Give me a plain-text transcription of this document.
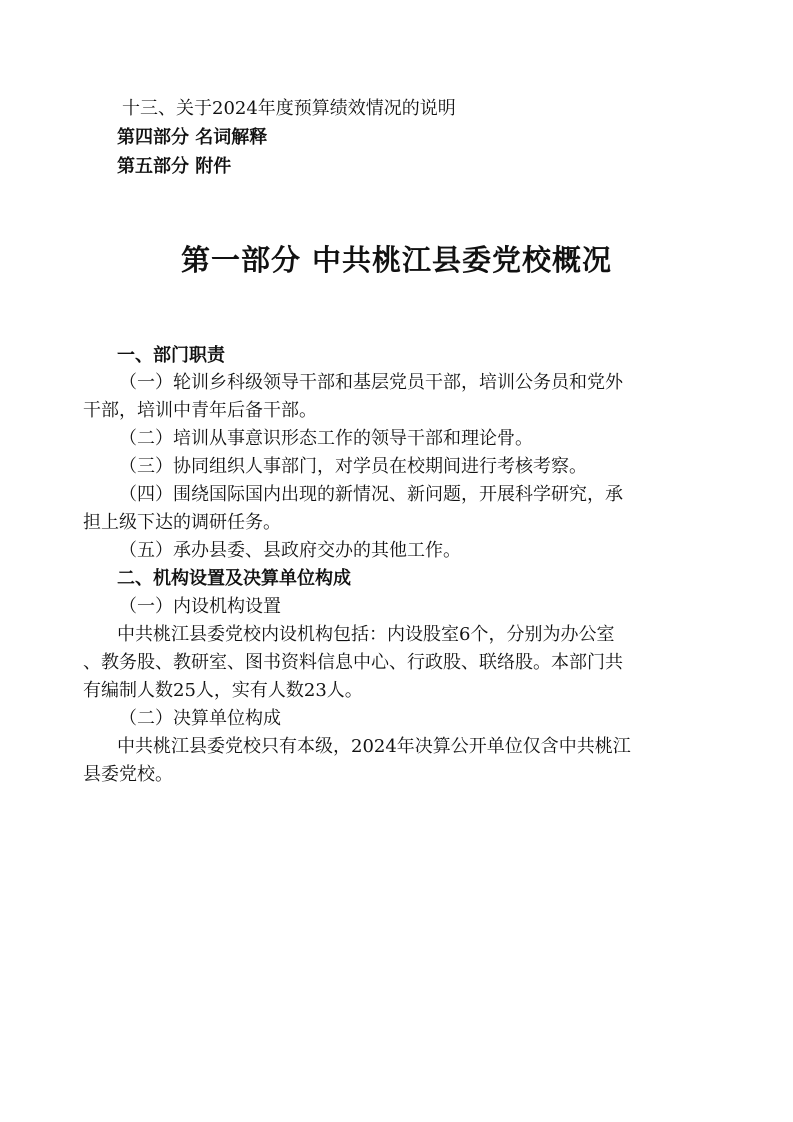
十三、关于2024年度预算绩效情况的说明
第四部分 名词解释
第五部分 附件
第一部分 中共桃江县委党校概况
一、部门职责
（一）轮训乡科级领导干部和基层党员干部，培训公务员和党外
干部，培训中青年后备干部。
（二）培训从事意识形态工作的领导干部和理论骨。
（三）协同组织人事部门，对学员在校期间进行考核考察。
（四）围绕国际国内出现的新情况、新问题，开展科学研究，承
担上级下达的调研任务。
（五）承办县委、县政府交办的其他工作。
二、机构设置及决算单位构成
（一）内设机构设置
中共桃江县委党校内设机构包括：内设股室6个，分别为办公室
、教务股、教研室、图书资料信息中心、行政股、联络股。本部门共
有编制人数25人，实有人数23人。
（二）决算单位构成
中共桃江县委党校只有本级，2024年决算公开单位仅含中共桃江
县委党校。
